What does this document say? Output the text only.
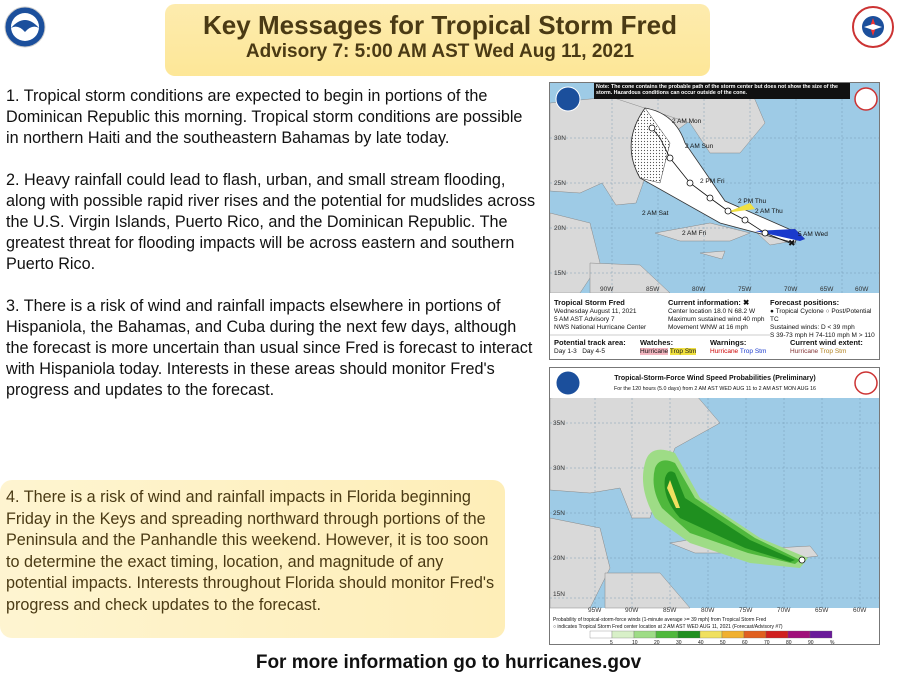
NOAA	Key Messages for Tropical Storm Fred
Advisory 7: 5:00 AM AST Wed Aug 11, 2021

1. Tropical storm conditions are expected to begin in portions of the Dominican Republic this morning. Tropical storm conditions are possible in northern Haiti and the southeastern Bahamas by late today.

2. Heavy rainfall could lead to flash, urban, and small stream flooding, along with possible rapid river rises and the potential for mudslides across the U.S. Virgin Islands, Puerto Rico, and the Dominican Republic. The greatest threat for flooding impacts will be across eastern and southern Puerto Rico.

3. There is a risk of wind and rainfall impacts elsewhere in portions of Hispaniola, the Bahamas, and Cuba during the next few days, although the forecast is more uncertain than usual since Fred is forecast to interact with Hispaniola today. Interests in these areas should monitor Fred's progress and updates to the forecast.

4. There is a risk of wind and rainfall impacts in Florida beginning Friday in the Keys and spreading northward through portions of the Peninsula and the Panhandle this weekend. However, it is too soon to determine the exact timing, location, and magnitude of any potential impacts. Interests throughout Florida should monitor Fred's progress and check updates to the forecast.

✖
2 AM Mon
2 AM Sun
2 PM Fri
2 PM Thu
2 AM Thu
2 AM Sat
2 AM Fri	5 AM Wed
30N
25N
20N
15N
90W	85W	80W	75W	70W	65W	60W
Note: The cone contains the probable path of the storm center but does not show the size of the storm. Hazardous conditions can occur outside of the cone.
Tropical Storm Fred
Wednesday August 11, 2021
5 AM AST Advisory 7
NWS National Hurricane Center
Current information: ✖
Center location 18.0 N 68.2 W
Maximum sustained wind 40 mph
Movement WNW at 16 mph
Forecast positions:
● Tropical Cyclone ○ Post/Potential TC
Sustained winds: D < 39 mph
S 39-73 mph H 74-110 mph M > 110
Potential track area:
Day 1-3 Day 4-5
Watches:
Hurricane Trop Stm
Warnings:
Hurricane Trop Stm
Current wind extent:
Hurricane Trop Stm
35N
30N
25N
20N
15N
95W	90W	85W	80W	75W	70W	65W	60W
Tropical-Storm-Force Wind Speed Probabilities (Preliminary)
For the 120 hours (5.0 days) from 2 AM AST WED AUG 11 to 2 AM AST MON AUG 16
Probability of tropical-storm-force winds (1-minute average >= 39 mph) from Tropical Storm Fred
○ indicates Tropical Storm Fred center location at 2 AM AST WED AUG 11, 2021 (Forecast/Advisory #7)
5	10	20	30	40	50	60	70	80	90	%
For more information go to hurricanes.gov
